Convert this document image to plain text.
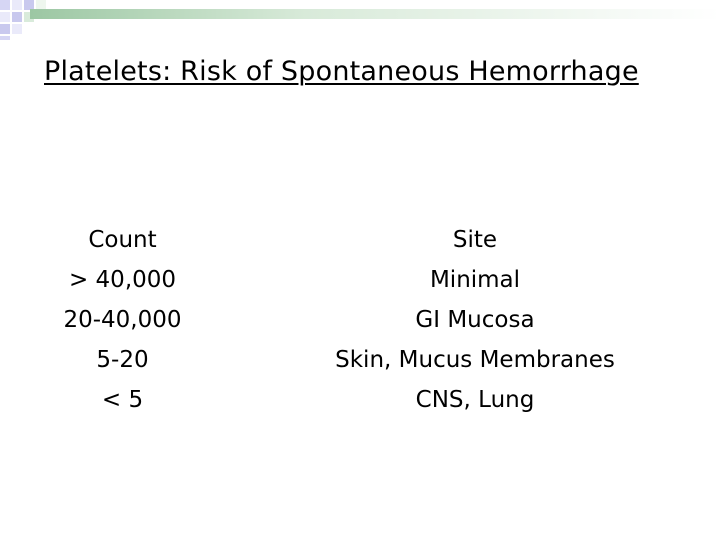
Platelets: Risk of Spontaneous Hemorrhage
Count
> 40,000
20-40,000
5-20
< 5
Site
Minimal
GI Mucosa
Skin, Mucus Membranes
CNS, Lung
